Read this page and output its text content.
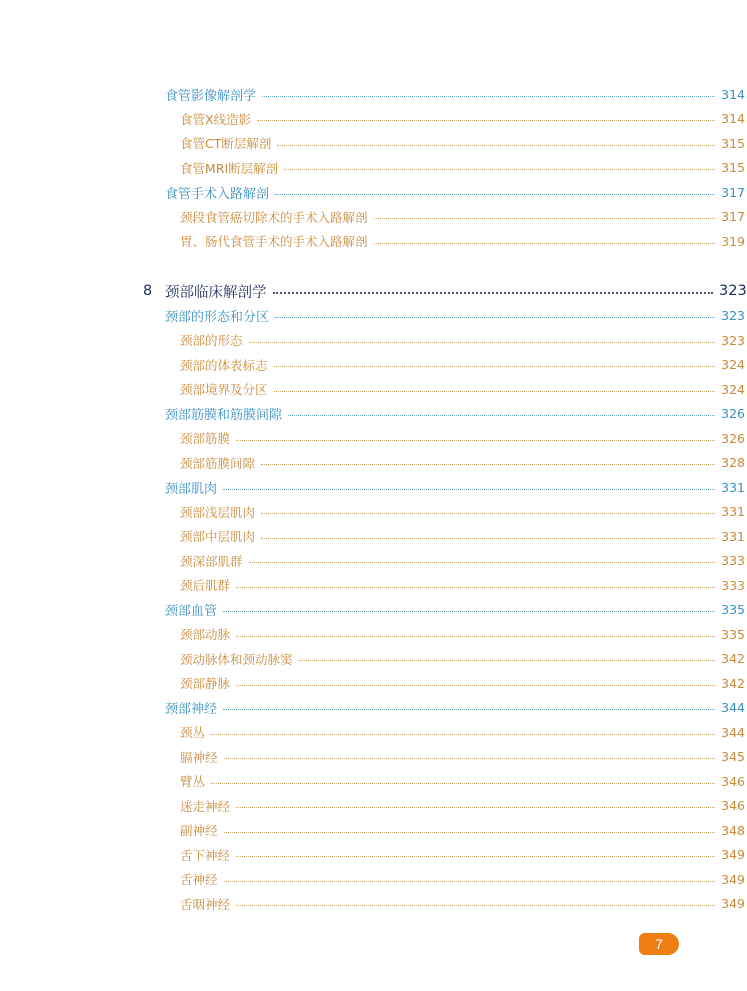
食管影像解剖学	314
食管X线造影	314
食管CT断层解剖	315
食管MRI断层解剖	315
食管手术入路解剖	317
颈段食管癌切除术的手术入路解剖	317
胃、肠代食管手术的手术入路解剖	319
8 颈部临床解剖学	323
颈部的形态和分区	323
颈部的形态	323
颈部的体表标志	324
颈部境界及分区	324
颈部筋膜和筋膜间隙	326
颈部筋膜	326
颈部筋膜间隙	328
颈部肌肉	331
颈部浅层肌肉	331
颈部中层肌肉	331
颈深部肌群	333
颈后肌群	333
颈部血管	335
颈部动脉	335
颈动脉体和颈动脉窦	342
颈部静脉	342
颈部神经	344
颈丛	344
膈神经	345
臂丛	346
迷走神经	346
副神经	348
舌下神经	349
舌神经	349
舌咽神经	349
7
